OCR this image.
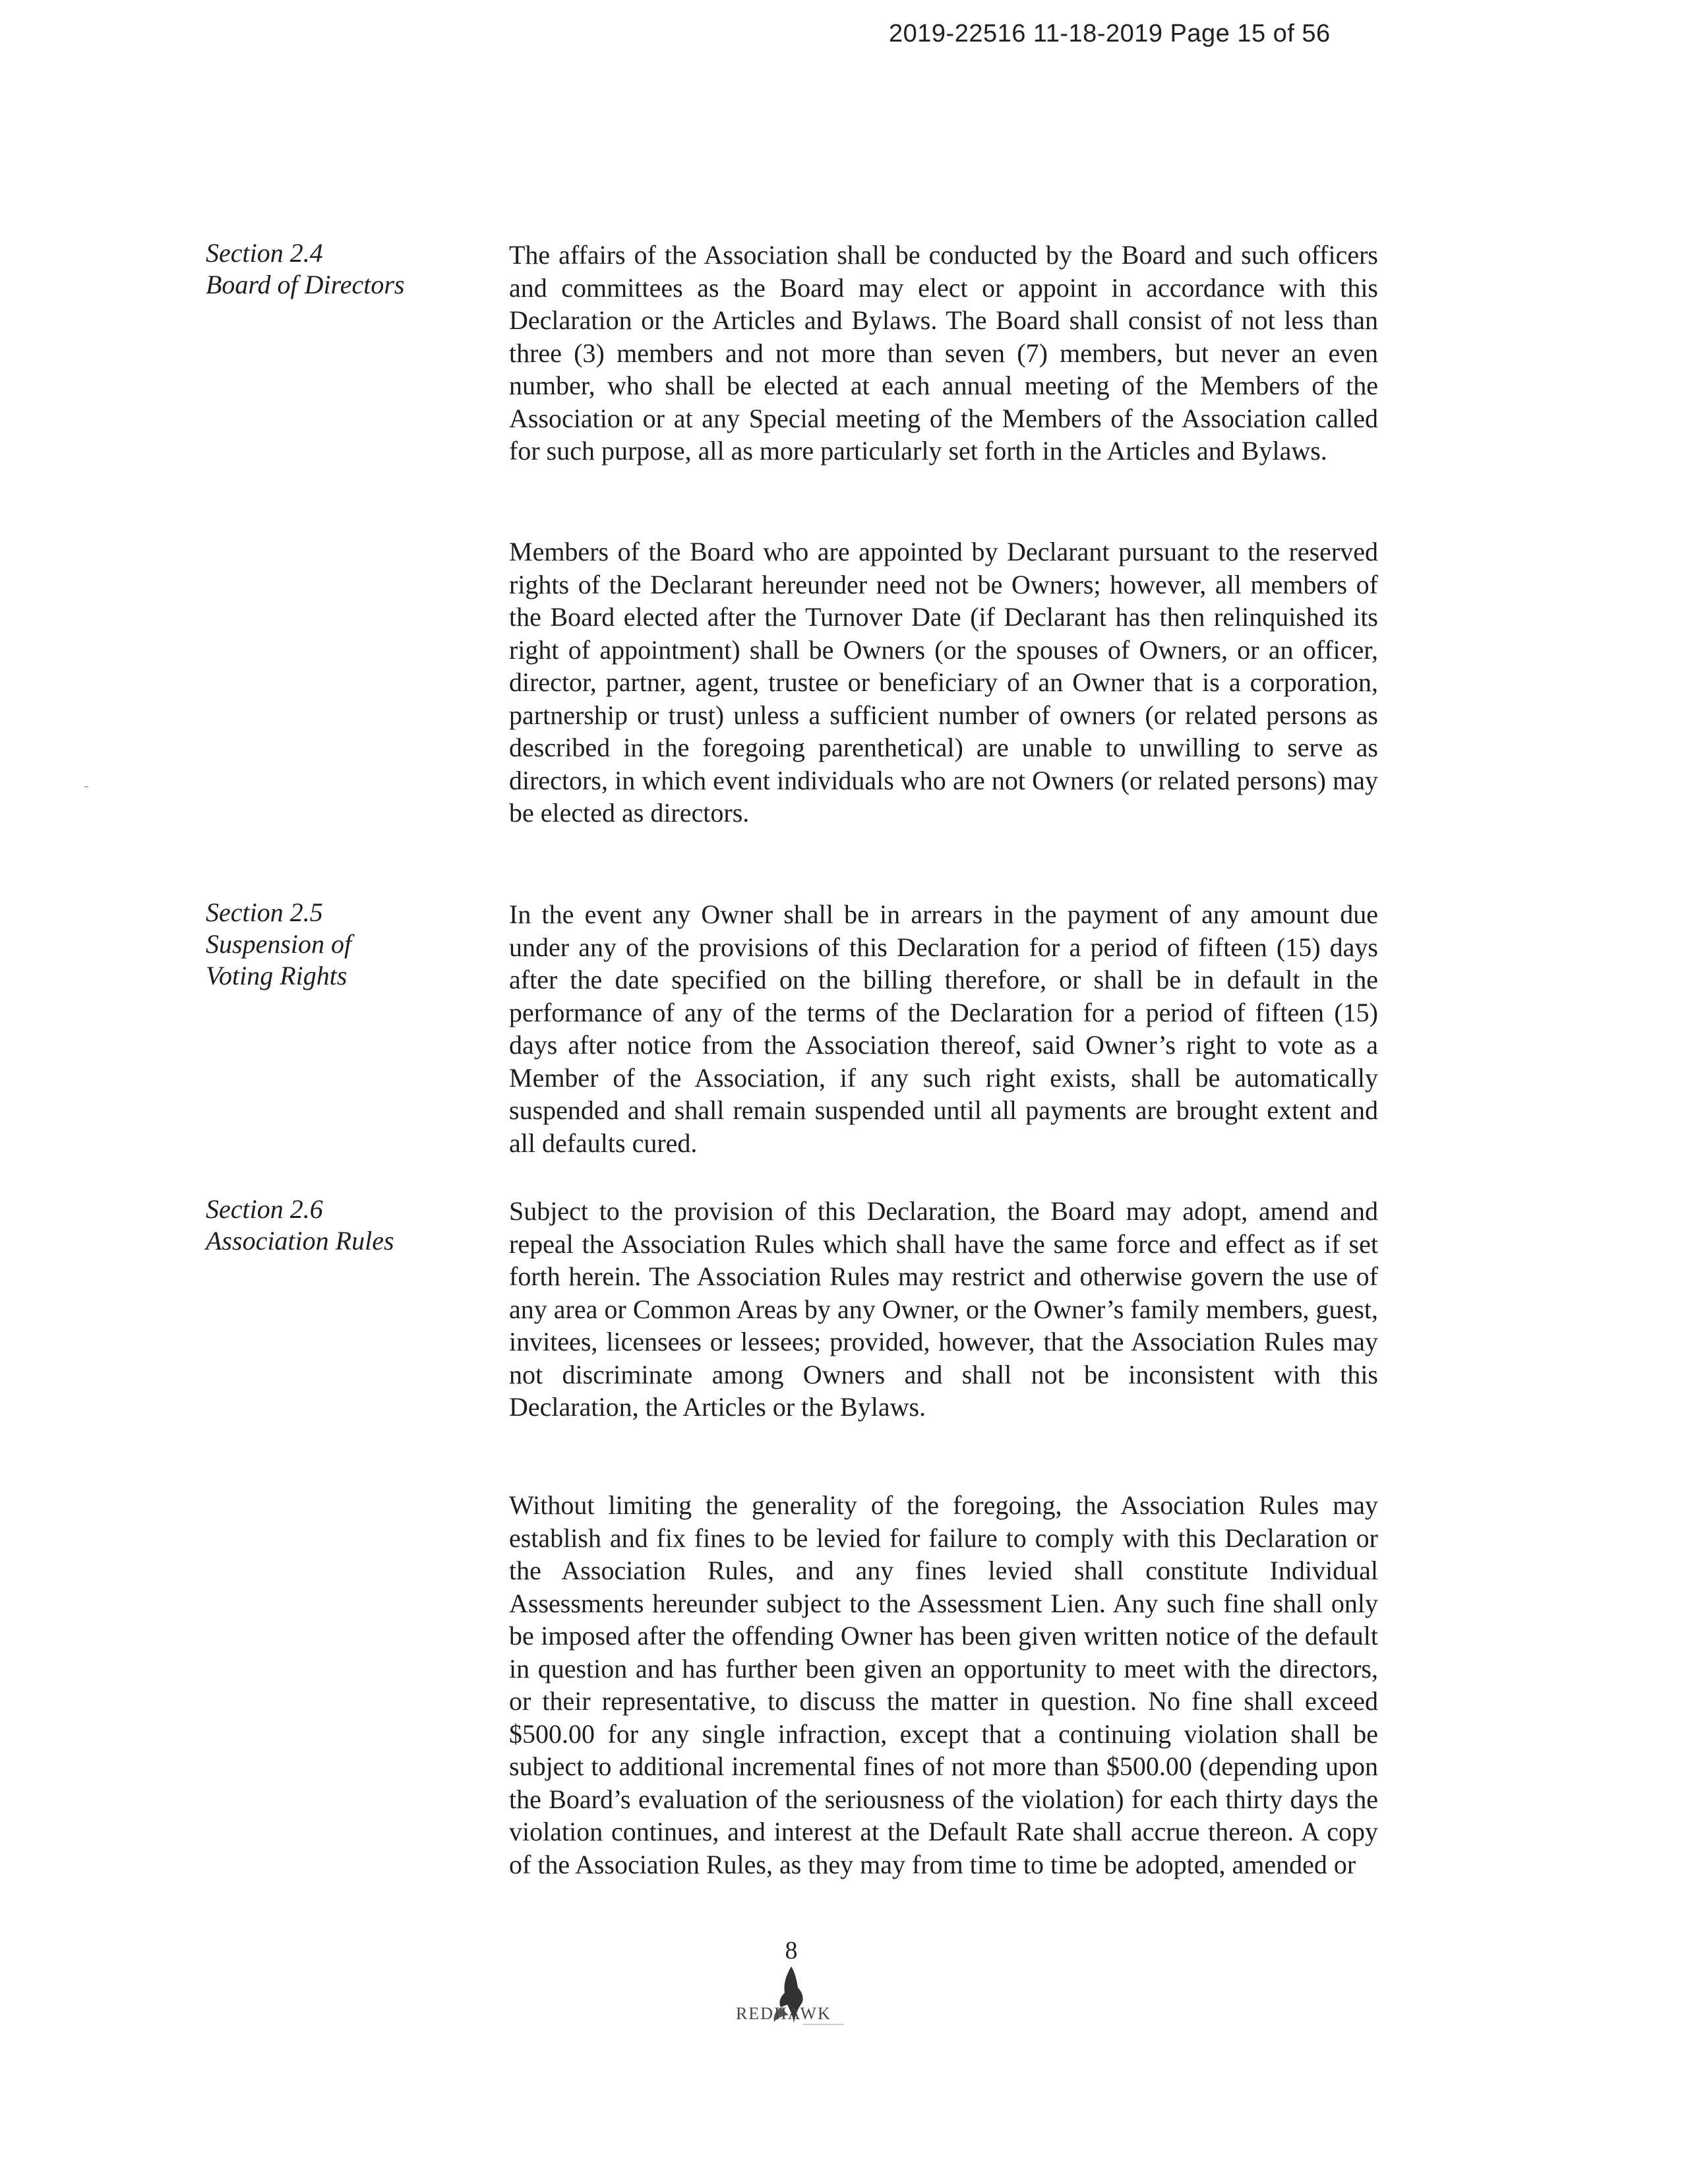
2019-22516 11-18-2019 Page 15 of 56
Section 2.4
Board of Directors

The affairs of the Association shall be conducted by the Board and such officers and committees as the Board may elect or appoint in accordance with this Declaration or the Articles and Bylaws. The Board shall consist of not less than three (3) members and not more than seven (7) members, but never an even number, who shall be elected at each annual meeting of the Members of the Association or at any Special meeting of the Members of the Association called for such purpose, all as more particularly set forth in the Articles and Bylaws.

Members of the Board who are appointed by Declarant pursuant to the reserved rights of the Declarant hereunder need not be Owners; however, all members of the Board elected after the Turnover Date (if Declarant has then relinquished its right of appointment) shall be Owners (or the spouses of Owners, or an officer, director, partner, agent, trustee or beneficiary of an Owner that is a corporation, partnership or trust) unless a sufficient number of owners (or related persons as described in the foregoing parenthetical) are unable to unwilling to serve as directors, in which event individuals who are not Owners (or related persons) may be elected as directors.

Section 2.5
Suspension of
Voting Rights

In the event any Owner shall be in arrears in the payment of any amount due under any of the provisions of this Declaration for a period of fifteen (15) days after the date specified on the billing therefore, or shall be in default in the performance of any of the terms of the Declaration for a period of fifteen (15) days after notice from the Association thereof, said Owner’s right to vote as a Member of the Association, if any such right exists, shall be automatically suspended and shall remain suspended until all payments are brought extent and all defaults cured.

Section 2.6
Association Rules

Subject to the provision of this Declaration, the Board may adopt, amend and repeal the Association Rules which shall have the same force and effect as if set forth herein. The Association Rules may restrict and otherwise govern the use of any area or Common Areas by any Owner, or the Owner’s family members, guest, invitees, licensees or lessees; provided, however, that the Association Rules may not discriminate among Owners and shall not be inconsistent with this Declaration, the Articles or the Bylaws.

Without limiting the generality of the foregoing, the Association Rules may establish and fix fines to be levied for failure to comply with this Declaration or the Association Rules, and any fines levied shall constitute Individual Assessments hereunder subject to the Assessment Lien. Any such fine shall only be imposed after the offending Owner has been given written notice of the default in question and has further been given an opportunity to meet with the directors, or their representative, to discuss the matter in question. No fine shall exceed $500.00 for any single infraction, except that a continuing violation shall be subject to additional incremental fines of not more than $500.00 (depending upon the Board’s evaluation of the seriousness of the violation) for each thirty days the violation continues, and interest at the Default Rate shall accrue thereon. A copy of the Association Rules, as they may from time to time be adopted, amended or

8
REDHAWK
